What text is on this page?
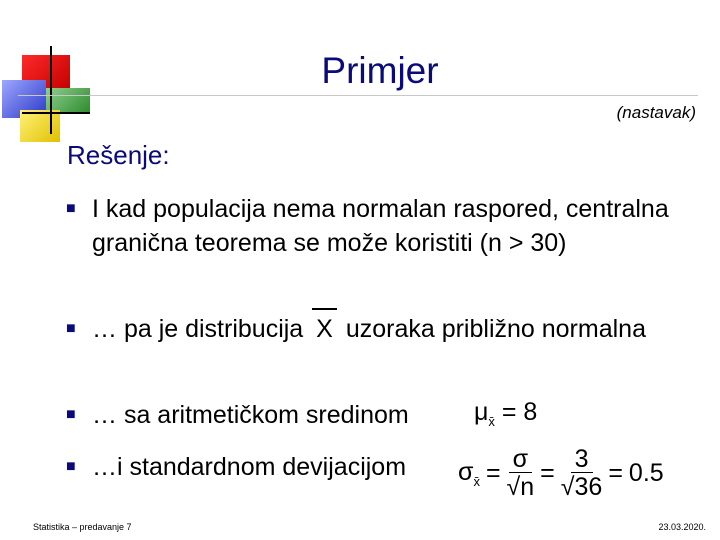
Primjer
(nastavak)
Rešenje:
■ I kad populacija nema normalan raspored, centralna granična teorema se može koristiti (n > 30)
■ … pa je distribucija X uzoraka približno normalna
■ … sa aritmetičkom sredinom
■ …i standardnom devijacijom
$\mu_{x̄} = 8$
$\sigma_{x̄} = \frac{\sigma}{√n} = \frac{3}{√36} = 0.5$
Statistika – predavanje 7	23.03.2020.
